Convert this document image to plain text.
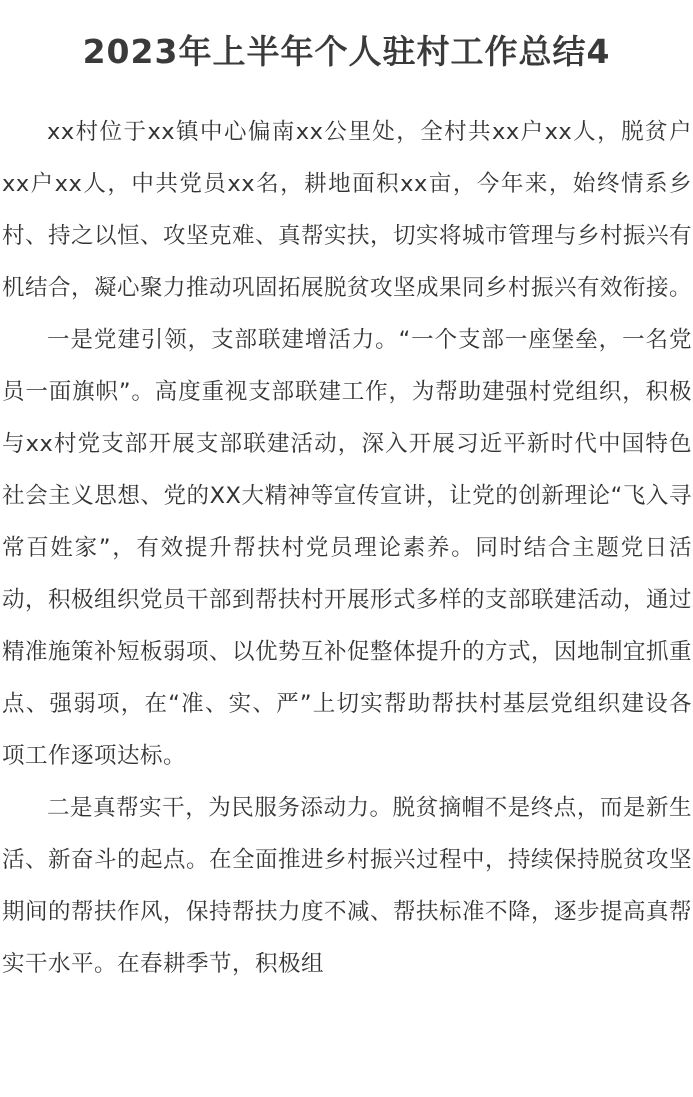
2023年上半年个人驻村工作总结4

xx村位于xx镇中心偏南xx公里处，全村共xx户xx人，脱贫户xx户xx人，中共党员xx名，耕地面积xx亩，今年来，始终情系乡村、持之以恒、攻坚克难、真帮实扶，切实将城市管理与乡村振兴有机结合，凝心聚力推动巩固拓展脱贫攻坚成果同乡村振兴有效衔接。

一是党建引领，支部联建增活力。“一个支部一座堡垒，一名党员一面旗帜”。高度重视支部联建工作，为帮助建强村党组织，积极与xx村党支部开展支部联建活动，深入开展习近平新时代中国特色社会主义思想、党的XX大精神等宣传宣讲，让党的创新理论“飞入寻常百姓家”，有效提升帮扶村党员理论素养。同时结合主题党日活动，积极组织党员干部到帮扶村开展形式多样的支部联建活动，通过精准施策补短板弱项、以优势互补促整体提升的方式，因地制宜抓重点、强弱项，在“准、实、严”上切实帮助帮扶村基层党组织建设各项工作逐项达标。

二是真帮实干，为民服务添动力。脱贫摘帽不是终点，而是新生活、新奋斗的起点。在全面推进乡村振兴过程中，持续保持脱贫攻坚期间的帮扶作风，保持帮扶力度不减、帮扶标准不降，逐步提高真帮实干水平。在春耕季节，积极组
